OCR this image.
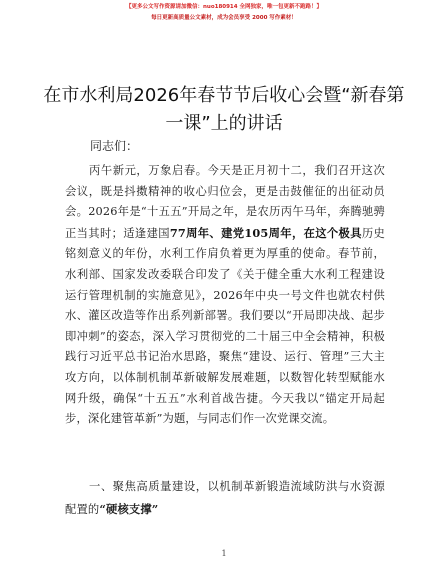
【更多公文写作资源请加微信：nuo180914 全网独家，唯一包更新不跑路！】
每日更新高质量公文素材，成为会员享受 2000 写作素材！
在市水利局2026年春节节后收心会暨“新春第一课”上的讲话

同志们：

丙午新元，万象启春。今天是正月初十二，我们召开这次会议，既是抖擞精神的收心归位会，更是击鼓催征的出征动员会。2026年是“十五五”开局之年，是农历丙午马年，奔腾驰骋正当其时；适逢建国77周年、建党105周年，在这个极具历史铭刻意义的年份，水利工作肩负着更为厚重的使命。春节前，水利部、国家发改委联合印发了《关于健全重大水利工程建设运行管理机制的实施意见》，2026年中央一号文件也就农村供水、灌区改造等作出系列新部署。我们要以“开局即决战、起步即冲刺”的姿态，深入学习贯彻党的二十届三中全会精神，积极践行习近平总书记治水思路，聚焦“建设、运行、管理”三大主攻方向，以体制机制革新破解发展难题，以数智化转型赋能水网升级，确保“十五五”水利首战告捷。今天我以“锚定开局起步，深化建管革新”为题，与同志们作一次党课交流。

一、聚焦高质量建设，以机制革新锻造流域防洪与水资源配置的“硬核支撑”

1
